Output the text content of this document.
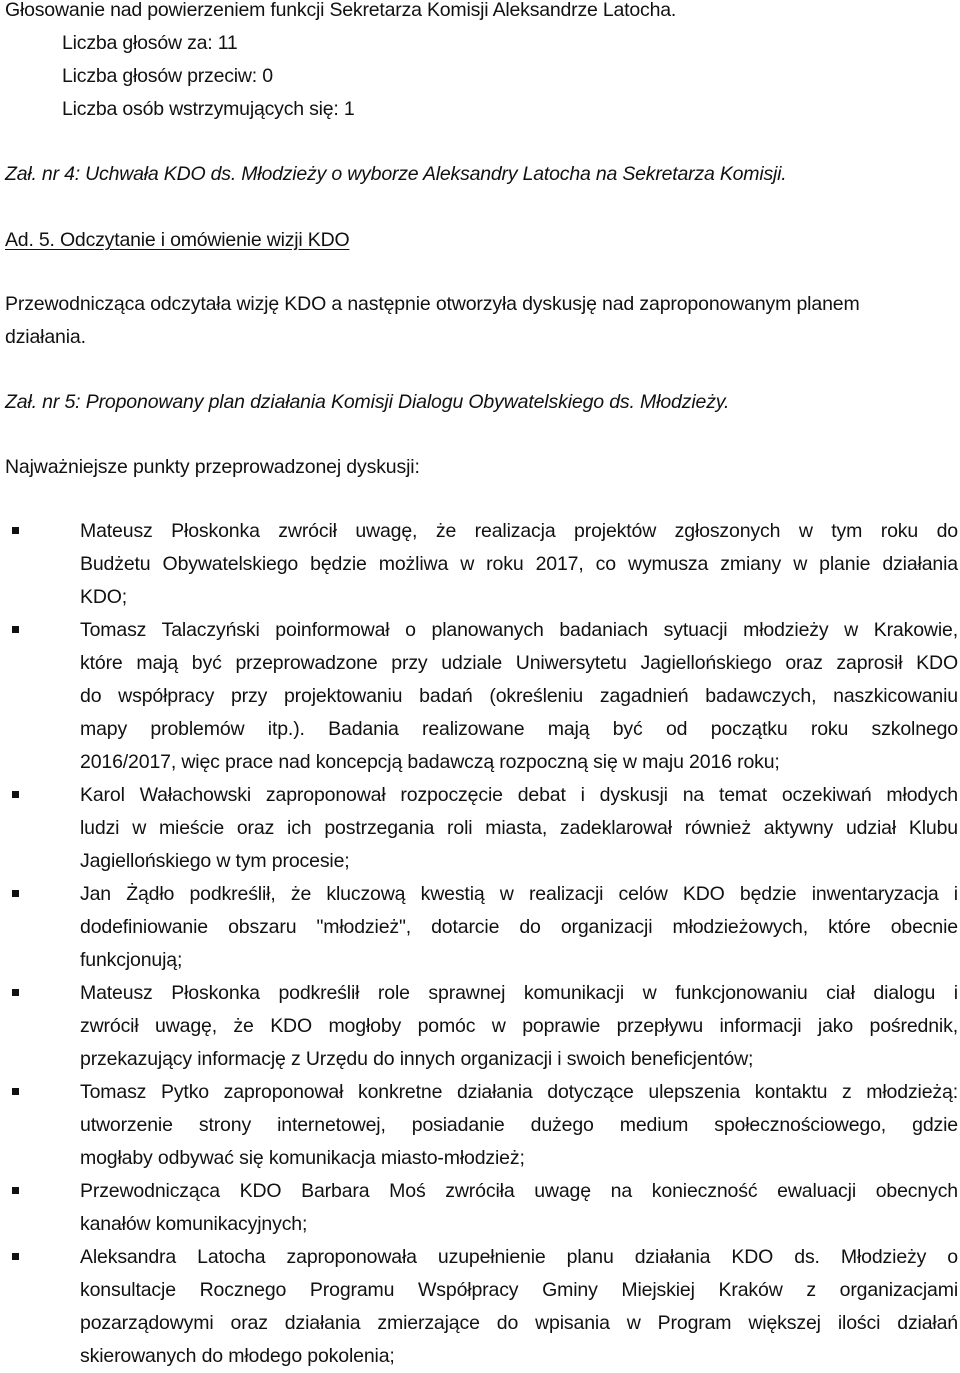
Głosowanie nad powierzeniem funkcji Sekretarza Komisji Aleksandrze Latocha.
Liczba głosów za: 11
Liczba głosów przeciw: 0
Liczba osób wstrzymujących się: 1
Zał. nr 4: Uchwała KDO ds. Młodzieży o wyborze Aleksandry Latocha na Sekretarza Komisji.
Ad. 5. Odczytanie i omówienie wizji KDO
Przewodnicząca odczytała wizję KDO a następnie otworzyła dyskusję nad zaproponowanym planem
działania.
Zał. nr 5: Proponowany plan działania Komisji Dialogu Obywatelskiego ds. Młodzieży.
Najważniejsze punkty przeprowadzonej dyskusji:
Mateusz Płoskonka zwrócił uwagę, że realizacja projektów zgłoszonych w tym roku do
Budżetu Obywatelskiego będzie możliwa w roku 2017, co wymusza zmiany w planie działania
KDO;
Tomasz Talaczyński poinformował o planowanych badaniach sytuacji młodzieży w Krakowie,
które mają być przeprowadzone przy udziale Uniwersytetu Jagiellońskiego oraz zaprosił KDO
do współpracy przy projektowaniu badań (określeniu zagadnień badawczych, naszkicowaniu
mapy problemów itp.). Badania realizowane mają być od początku roku szkolnego
2016/2017, więc prace nad koncepcją badawczą rozpoczną się w maju 2016 roku;
Karol Wałachowski zaproponował rozpoczęcie debat i dyskusji na temat oczekiwań młodych
ludzi w mieście oraz ich postrzegania roli miasta, zadeklarował również aktywny udział Klubu
Jagiellońskiego w tym procesie;
Jan Żądło podkreślił, że kluczową kwestią w realizacji celów KDO będzie inwentaryzacja i
dodefiniowanie obszaru "młodzież", dotarcie do organizacji młodzieżowych, które obecnie
funkcjonują;
Mateusz Płoskonka podkreślił role sprawnej komunikacji w funkcjonowaniu ciał dialogu i
zwrócił uwagę, że KDO mogłoby pomóc w poprawie przepływu informacji jako pośrednik,
przekazujący informację z Urzędu do innych organizacji i swoich beneficjentów;
Tomasz Pytko zaproponował konkretne działania dotyczące ulepszenia kontaktu z młodzieżą:
utworzenie strony internetowej, posiadanie dużego medium społecznościowego, gdzie
mogłaby odbywać się komunikacja miasto-młodzież;
Przewodnicząca KDO Barbara Moś zwróciła uwagę na konieczność ewaluacji obecnych
kanałów komunikacyjnych;
Aleksandra Latocha zaproponowała uzupełnienie planu działania KDO ds. Młodzieży o
konsultacje Rocznego Programu Współpracy Gminy Miejskiej Kraków z organizacjami
pozarządowymi oraz działania zmierzające do wpisania w Program większej ilości działań
skierowanych do młodego pokolenia;
